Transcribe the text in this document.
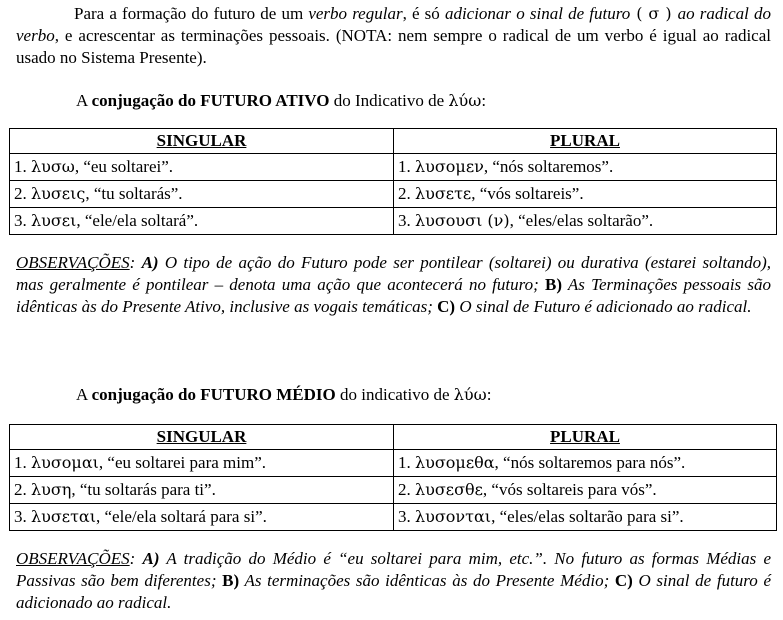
Para a formação do futuro de um verbo regular, é só adicionar o sinal de futuro ( σ ) ao radical do verbo, e acrescentar as terminações pessoais. (NOTA: nem sempre o radical de um verbo é igual ao radical usado no Sistema Presente).

A conjugação do FUTURO ATIVO do Indicativo de λύω:

SINGULAR	PLURAL
1. λυσω, “eu soltarei”.	1. λυσομεν, “nós soltaremos”.
2. λυσεις, “tu soltarás”.	2. λυσετε, “vós soltareis”.
3. λυσει, “ele/ela soltará”.	3. λυσουσι (ν), “eles/elas soltarão”.

OBSERVAÇÕES: A) O tipo de ação do Futuro pode ser pontilear (soltarei) ou durativa (estarei soltando), mas geralmente é pontilear – denota uma ação que acontecerá no futuro; B) As Terminações pessoais são idênticas às do Presente Ativo, inclusive as vogais temáticas; C) O sinal de Futuro é adicionado ao radical.

A conjugação do FUTURO MÉDIO do indicativo de λύω:

SINGULAR	PLURAL
1. λυσομαι, “eu soltarei para mim”.	1. λυσομεθα, “nós soltaremos para nós”.
2. λυση, “tu soltarás para ti”.	2. λυσεσθε, “vós soltareis para vós”.
3. λυσεται, “ele/ela soltará para si”.	3. λυσονται, “eles/elas soltarão para si”.

OBSERVAÇÕES: A) A tradição do Médio é “eu soltarei para mim, etc.”. No futuro as formas Médias e Passivas são bem diferentes; B) As terminações são idênticas às do Presente Médio; C) O sinal de futuro é adicionado ao radical.
